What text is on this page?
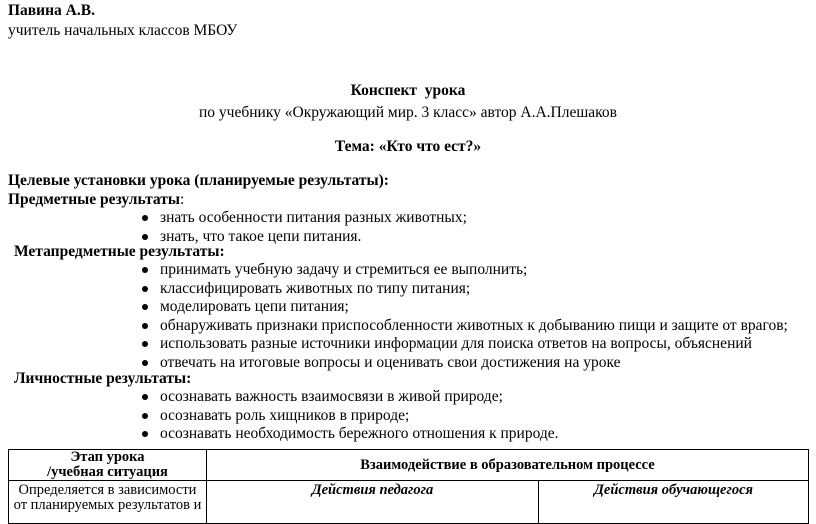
Павина А.В.
учитель начальных классов МБОУ
Конспект  урока
по учебнику «Окружающий мир. 3 класс» автор А.А.Плешаков
Тема: «Кто что ест?»
Целевые установки урока (планируемые результаты):
Предметные результаты:
знать особенности питания разных животных;
знать, что такое цепи питания.
Метапредметные результаты:
принимать учебную задачу и стремиться ее выполнить;
классифицировать животных по типу питания;
моделировать цепи питания;
обнаруживать признаки приспособленности животных к добыванию пищи и защите от врагов;
использовать разные источники информации для поиска ответов на вопросы, объяснений
отвечать на итоговые вопросы и оценивать свои достижения на уроке
Личностные результаты:
осознавать важность взаимосвязи в живой природе;
осознавать роль хищников в природе;
осознавать необходимость бережного отношения к природе.
Этап урока
/учебная ситуация	Взаимодействие в образовательном процессе	

Определяется в зависимости
от планируемых результатов и	Действия педагога	Действия обучающегося
